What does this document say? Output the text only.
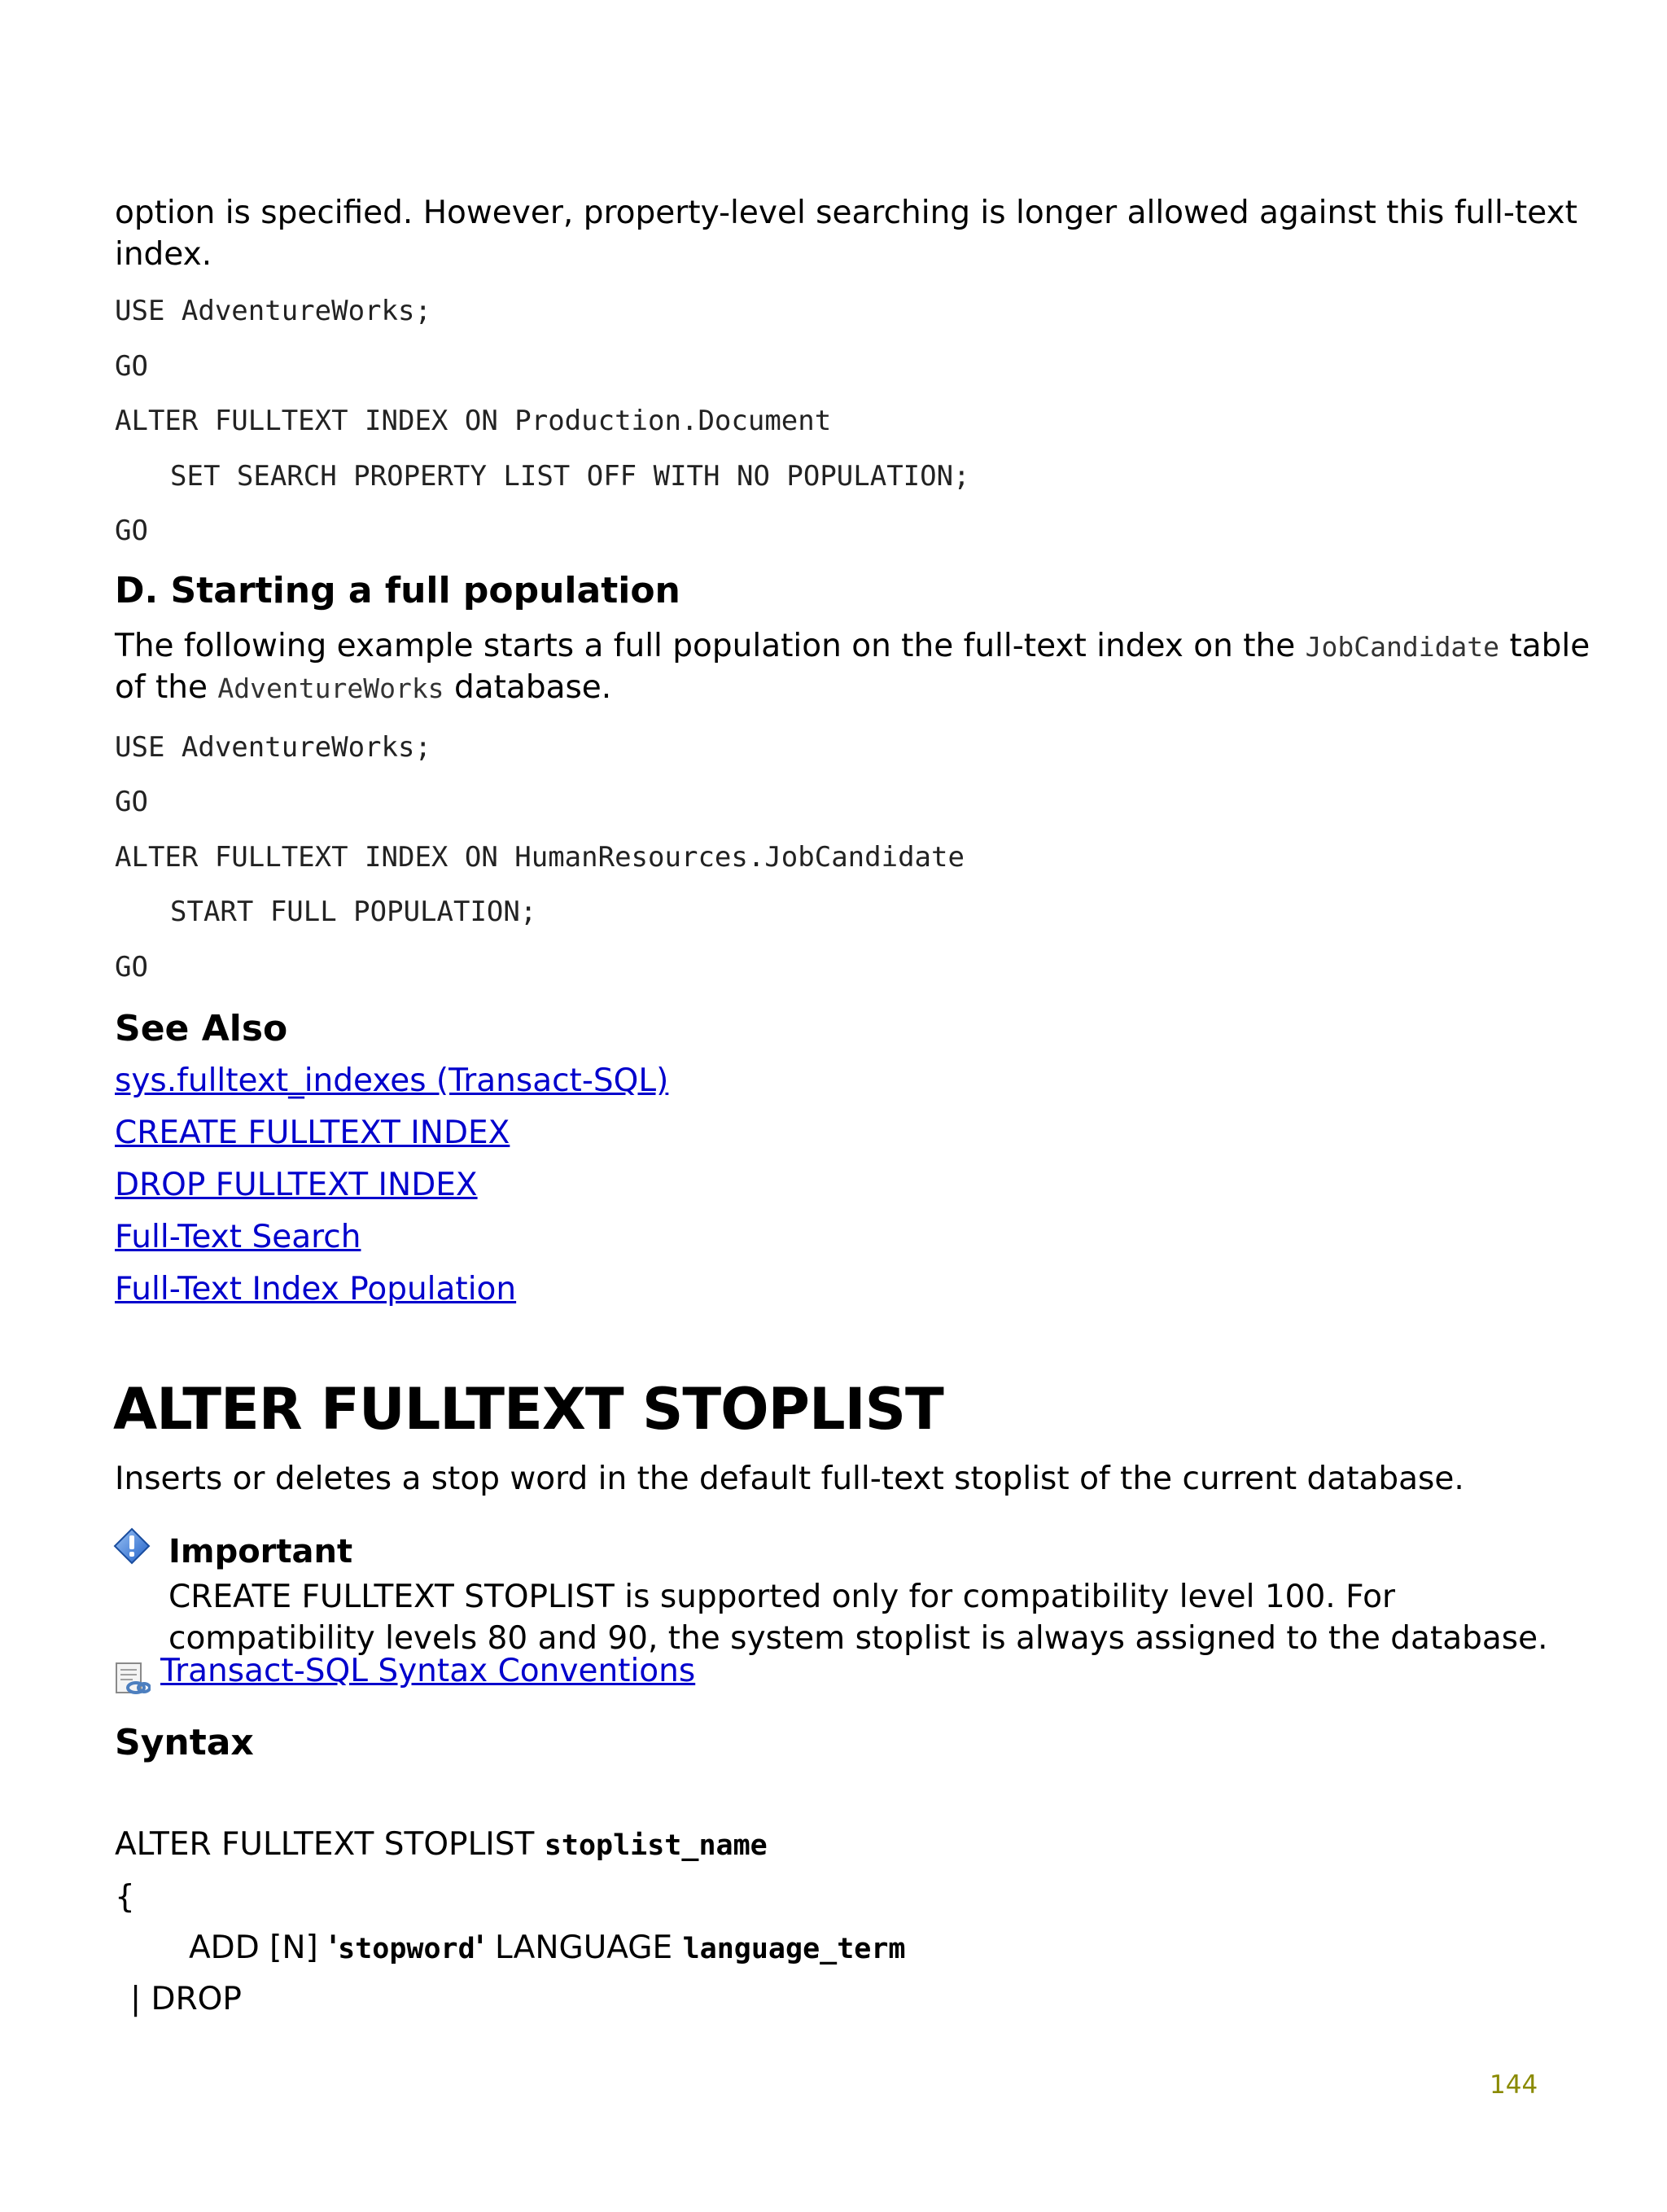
option is specified. However, property-level searching is longer allowed against this full-text
index.
USE AdventureWorks;
GO
ALTER FULLTEXT INDEX ON Production.Document
SET SEARCH PROPERTY LIST OFF WITH NO POPULATION;
GO
D. Starting a full population
The following example starts a full population on the full-text index on the JobCandidate table
of the AdventureWorks database.
USE AdventureWorks;
GO
ALTER FULLTEXT INDEX ON HumanResources.JobCandidate
START FULL POPULATION;
GO
See Also
sys.fulltext_indexes (Transact-SQL)
CREATE FULLTEXT INDEX
DROP FULLTEXT INDEX
Full-Text Search
Full-Text Index Population
ALTER FULLTEXT STOPLIST
Inserts or deletes a stop word in the default full-text stoplist of the current database.
Important
CREATE FULLTEXT STOPLIST is supported only for compatibility level 100. For
compatibility levels 80 and 90, the system stoplist is always assigned to the database.
Transact-SQL Syntax Conventions
Syntax
ALTER FULLTEXT STOPLIST stoplist_name
{
ADD [N] 'stopword' LANGUAGE language_term
| DROP
144
